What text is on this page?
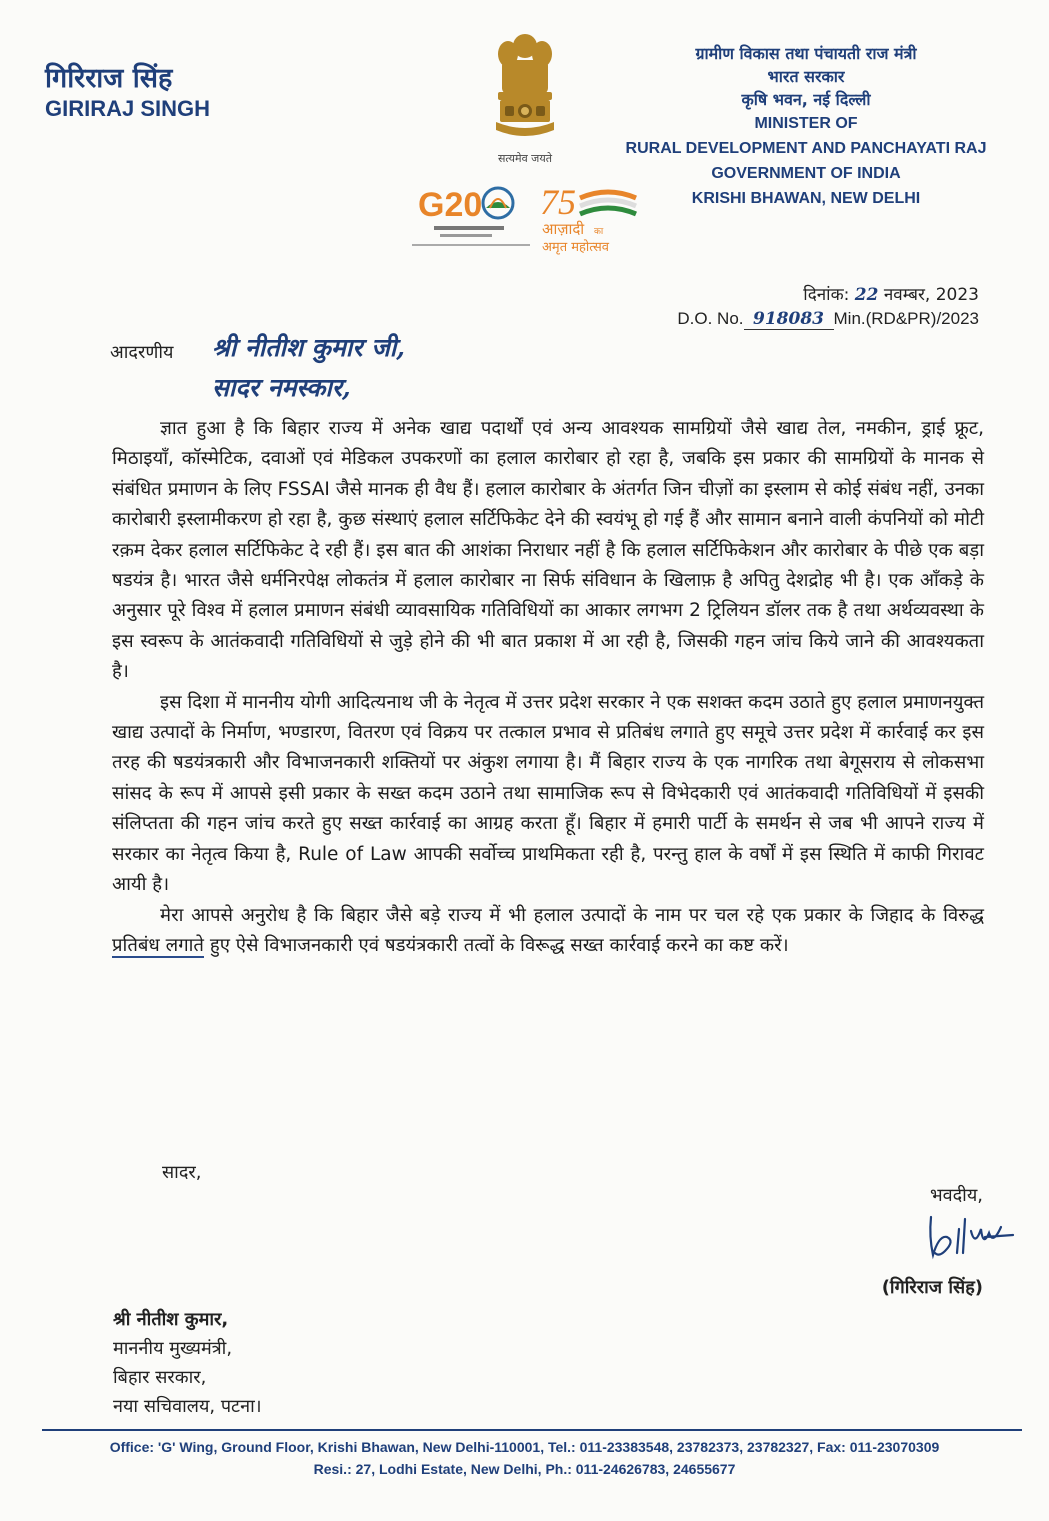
गिरिराज सिंह
GIRIRAJ SINGH
सत्यमेव जयते
G20 75
आज़ादी का
अमृत महोत्सव
ग्रामीण विकास तथा पंचायती राज मंत्री
भारत सरकार
कृषि भवन, नई दिल्ली
MINISTER OF
RURAL DEVELOPMENT AND PANCHAYATI RAJ
GOVERNMENT OF INDIA
KRISHI BHAWAN, NEW DELHI
दिनांक: 22 नवम्बर, 2023
D.O. No. 918083 Min.(RD&PR)/2023
आदरणीय श्री नीतीश कुमार जी,
सादर नमस्कार,

ज्ञात हुआ है कि बिहार राज्य में अनेक खाद्य पदार्थों एवं अन्य आवश्यक सामग्रियों जैसे खाद्य तेल, नमकीन, ड्राई फ्रूट, मिठाइयॉं, कॉस्मेटिक, दवाओं एवं मेडिकल उपकरणों का हलाल कारोबार हो रहा है, जबकि इस प्रकार की सामग्रियों के मानक से संबंधित प्रमाणन के लिए FSSAI जैसे मानक ही वैध हैं। हलाल कारोबार के अंतर्गत जिन चीज़ों का इस्लाम से कोई संबंध नहीं, उनका कारोबारी इस्लामीकरण हो रहा है, कुछ संस्थाएं हलाल सर्टिफिकेट देने की स्वयंभू हो गई हैं और सामान बनाने वाली कंपनियों को मोटी रक़म देकर हलाल सर्टिफिकेट दे रही हैं। इस बात की आशंका निराधार नहीं है कि हलाल सर्टिफिकेशन और कारोबार के पीछे एक बड़ा षडयंत्र है। भारत जैसे धर्मनिरपेक्ष लोकतंत्र में हलाल कारोबार ना सिर्फ संविधान के खिलाफ़ है अपितु देशद्रोह भी है। एक ऑंकड़े के अनुसार पूरे विश्व में हलाल प्रमाणन संबंधी व्यावसायिक गतिविधियों का आकार लगभग 2 ट्रिलियन डॉलर तक है तथा अर्थव्यवस्था के इस स्वरूप के आतंकवादी गतिविधियों से जुड़े होने की भी बात प्रकाश में आ रही है, जिसकी गहन जांच किये जाने की आवश्यकता है।

इस दिशा में माननीय योगी आदित्यनाथ जी के नेतृत्व में उत्तर प्रदेश सरकार ने एक सशक्त कदम उठाते हुए हलाल प्रमाणनयुक्त खाद्य उत्पादों के निर्माण, भण्डारण, वितरण एवं विक्रय पर तत्काल प्रभाव से प्रतिबंध लगाते हुए समूचे उत्तर प्रदेश में कार्रवाई कर इस तरह की षडयंत्रकारी और विभाजनकारी शक्तियों पर अंकुश लगाया है। मैं बिहार राज्य के एक नागरिक तथा बेगूसराय से लोकसभा सांसद के रूप में आपसे इसी प्रकार के सख्त कदम उठाने तथा सामाजिक रूप से विभेदकारी एवं आतंकवादी गतिविधियों में इसकी संलिप्तता की गहन जांच करते हुए सख्त कार्रवाई का आग्रह करता हूँ। बिहार में हमारी पार्टी के समर्थन से जब भी आपने राज्य में सरकार का नेतृत्व किया है, Rule of Law आपकी सर्वोच्च प्राथमिकता रही है, परन्तु हाल के वर्षों में इस स्थिति में काफी गिरावट आयी है।

मेरा आपसे अनुरोध है कि बिहार जैसे बड़े राज्य में भी हलाल उत्पादों के नाम पर चल रहे एक प्रकार के जिहाद के विरुद्ध प्रतिबंध लगाते हुए ऐसे विभाजनकारी एवं षडयंत्रकारी तत्वों के विरूद्ध सख्त कार्रवाई करने का कष्ट करें।

सादर,
भवदीय,
(गिरिराज सिंह)
श्री नीतीश कुमार,
माननीय मुख्यमंत्री,
बिहार सरकार,
नया सचिवालय, पटना।
Office: 'G' Wing, Ground Floor, Krishi Bhawan, New Delhi-110001, Tel.: 011-23383548, 23782373, 23782327, Fax: 011-23070309
Resi.: 27, Lodhi Estate, New Delhi, Ph.: 011-24626783, 24655677
